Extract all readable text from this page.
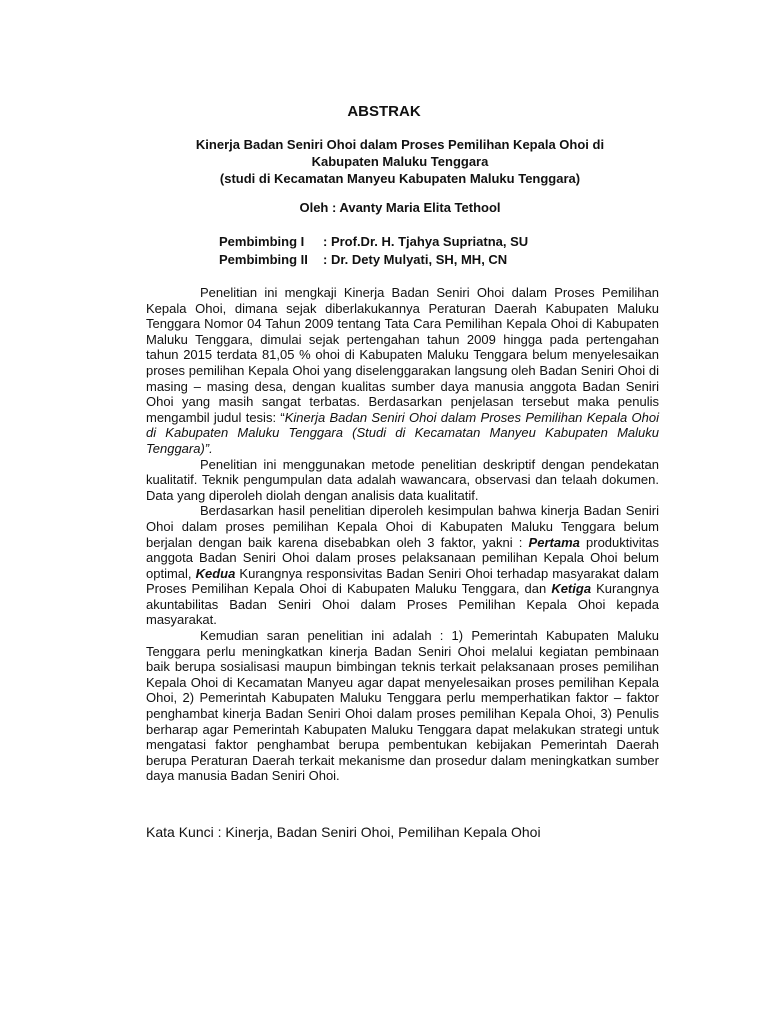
ABSTRAK
Kinerja Badan Seniri Ohoi dalam Proses Pemilihan Kepala Ohoi di
Kabupaten Maluku Tenggara
(studi di Kecamatan Manyeu Kabupaten Maluku Tenggara)
Oleh : Avanty Maria Elita Tethool
Pembimbing I	: Prof.Dr. H. Tjahya Supriatna, SU
Pembimbing II	: Dr. Dety Mulyati, SH, MH, CN

Penelitian ini mengkaji Kinerja Badan Seniri Ohoi dalam Proses Pemilihan Kepala Ohoi, dimana sejak diberlakukannya Peraturan Daerah Kabupaten Maluku Tenggara Nomor 04 Tahun 2009 tentang Tata Cara Pemilihan Kepala Ohoi di Kabupaten Maluku Tenggara, dimulai sejak pertengahan tahun 2009 hingga pada pertengahan tahun 2015 terdata 81,05 % ohoi di Kabupaten Maluku Tenggara belum menyelesaikan proses pemilihan Kepala Ohoi yang diselenggarakan langsung oleh Badan Seniri Ohoi di masing – masing desa, dengan kualitas sumber daya manusia anggota Badan Seniri Ohoi yang masih sangat terbatas. Berdasarkan penjelasan tersebut maka penulis mengambil judul tesis: “Kinerja Badan Seniri Ohoi dalam Proses Pemilihan Kepala Ohoi di Kabupaten Maluku Tenggara (Studi di Kecamatan Manyeu Kabupaten Maluku Tenggara)”.

Penelitian ini menggunakan metode penelitian deskriptif dengan pendekatan kualitatif. Teknik pengumpulan data adalah wawancara, observasi dan telaah dokumen. Data yang diperoleh diolah dengan analisis data kualitatif.

Berdasarkan hasil penelitian diperoleh kesimpulan bahwa kinerja Badan Seniri Ohoi dalam proses pemilihan Kepala Ohoi di Kabupaten Maluku Tenggara belum berjalan dengan baik karena disebabkan oleh 3 faktor, yakni : Pertama produktivitas anggota Badan Seniri Ohoi dalam proses pelaksanaan pemilihan Kepala Ohoi belum optimal, Kedua Kurangnya responsivitas Badan Seniri Ohoi terhadap masyarakat dalam Proses Pemilihan Kepala Ohoi di Kabupaten Maluku Tenggara, dan Ketiga Kurangnya akuntabilitas Badan Seniri Ohoi dalam Proses Pemilihan Kepala Ohoi kepada masyarakat.

Kemudian saran penelitian ini adalah : 1) Pemerintah Kabupaten Maluku Tenggara perlu meningkatkan kinerja Badan Seniri Ohoi melalui kegiatan pembinaan baik berupa sosialisasi maupun bimbingan teknis terkait pelaksanaan proses pemilihan Kepala Ohoi di Kecamatan Manyeu agar dapat menyelesaikan proses pemilihan Kepala Ohoi, 2) Pemerintah Kabupaten Maluku Tenggara perlu memperhatikan faktor – faktor penghambat kinerja Badan Seniri Ohoi dalam proses pemilihan Kepala Ohoi, 3) Penulis berharap agar Pemerintah Kabupaten Maluku Tenggara dapat melakukan strategi untuk mengatasi faktor penghambat berupa pembentukan kebijakan Pemerintah Daerah berupa Peraturan Daerah terkait mekanisme dan prosedur dalam meningkatkan sumber daya manusia Badan Seniri Ohoi.

Kata Kunci : Kinerja, Badan Seniri Ohoi, Pemilihan Kepala Ohoi
